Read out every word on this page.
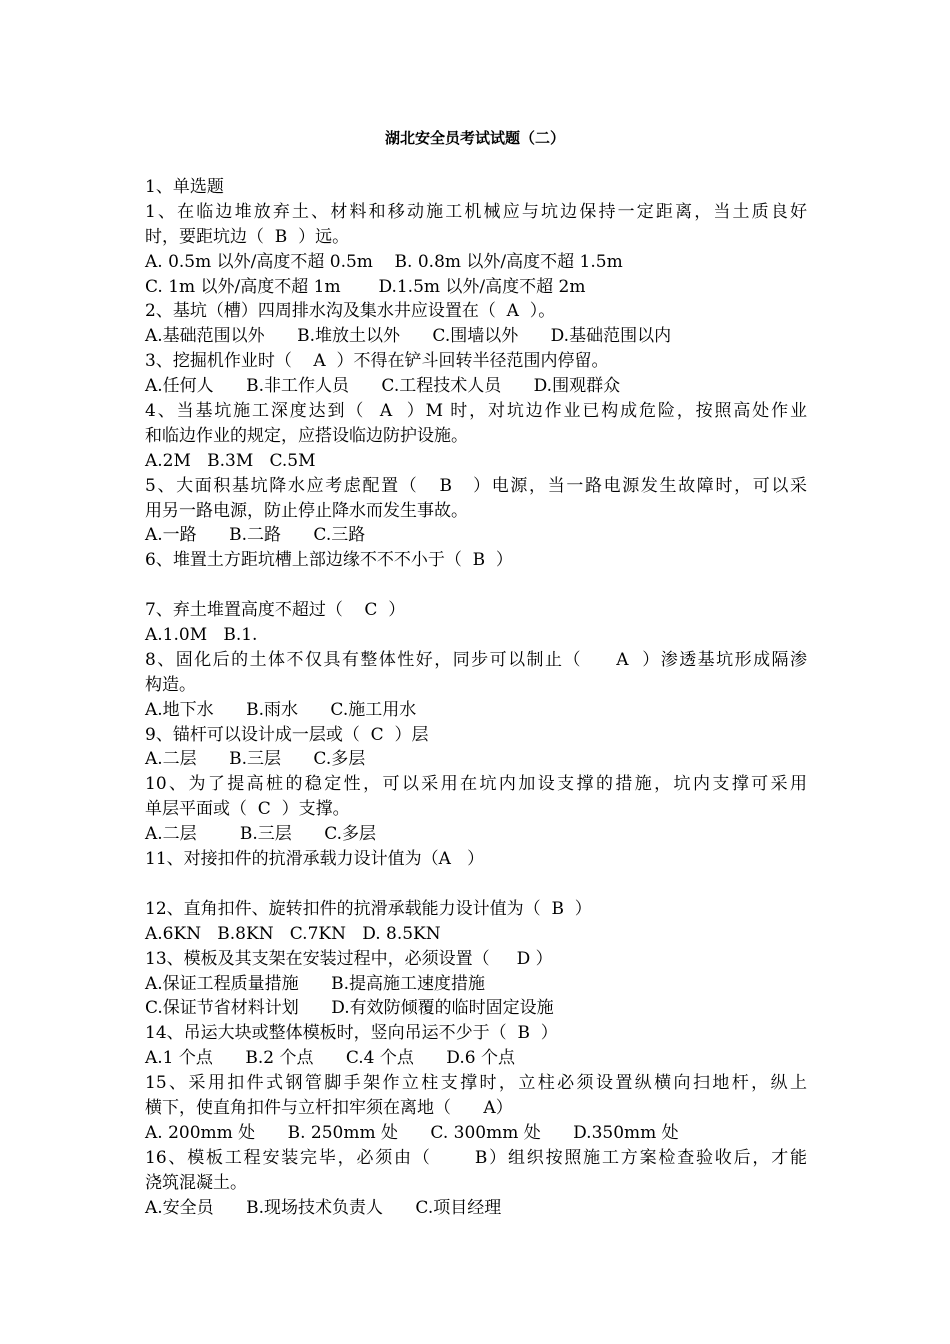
湖北安全员考试试题（二）
1、单选题
1、在临边堆放弃土、材料和移动施工机械应与坑边保持一定距离，当土质良好
时，要距坑边（  B  ）远。
A. 0.5m 以外/高度不超 0.5m    B. 0.8m 以外/高度不超 1.5m
C. 1m 以外/高度不超 1m       D.1.5m 以外/高度不超 2m
2、基坑（槽）四周排水沟及集水井应设置在（  A  ）。
A.基础范围以外      B.堆放土以外      C.围墙以外      D.基础范围以内
3、挖掘机作业时（    A  ）不得在铲斗回转半径范围内停留。
A.任何人      B.非工作人员      C.工程技术人员      D.围观群众
4、当基坑施工深度达到（  A  ）M 时，对坑边作业已构成危险，按照高处作业
和临边作业的规定，应搭设临边防护设施。
A.2M   B.3M   C.5M
5、大面积基坑降水应考虑配置（   B   ）电源，当一路电源发生故障时，可以采
用另一路电源，防止停止降水而发生事故。
A.一路      B.二路      C.三路
6、堆置土方距坑槽上部边缘不不不小于（  B  ）
7、弃土堆置高度不超过（    C  ）
A.1.0M   B.1.
8、固化后的土体不仅具有整体性好，同步可以制止（     A  ）渗透基坑形成隔渗
构造。
A.地下水      B.雨水      C.施工用水
9、锚杆可以设计成一层或（  C  ）层
A.二层      B.三层      C.多层
10、为了提高桩的稳定性，可以采用在坑内加设支撑的措施，坑内支撑可采用
单层平面或（  C  ）支撑。
A.二层        B.三层      C.多层
11、对接扣件的抗滑承载力设计值为（A   ）
12、直角扣件、旋转扣件的抗滑承载能力设计值为（  B  ）
A.6KN   B.8KN   C.7KN   D. 8.5KN
13、模板及其支架在安装过程中，必须设置（     D ）
A.保证工程质量措施      B.提高施工速度措施
C.保证节省材料计划      D.有效防倾覆的临时固定设施
14、吊运大块或整体模板时，竖向吊运不少于（  B  ）
A.1 个点      B.2 个点      C.4 个点      D.6 个点
15、采用扣件式钢管脚手架作立柱支撑时，立柱必须设置纵横向扫地杆，纵上
横下，使直角扣件与立杆扣牢须在离地（      A）
A. 200mm 处      B. 250mm 处      C. 300mm 处      D.350mm 处
16、模板工程安装完毕，必须由（      B）组织按照施工方案检查验收后，才能
浇筑混凝土。
A.安全员      B.现场技术负责人      C.项目经理
